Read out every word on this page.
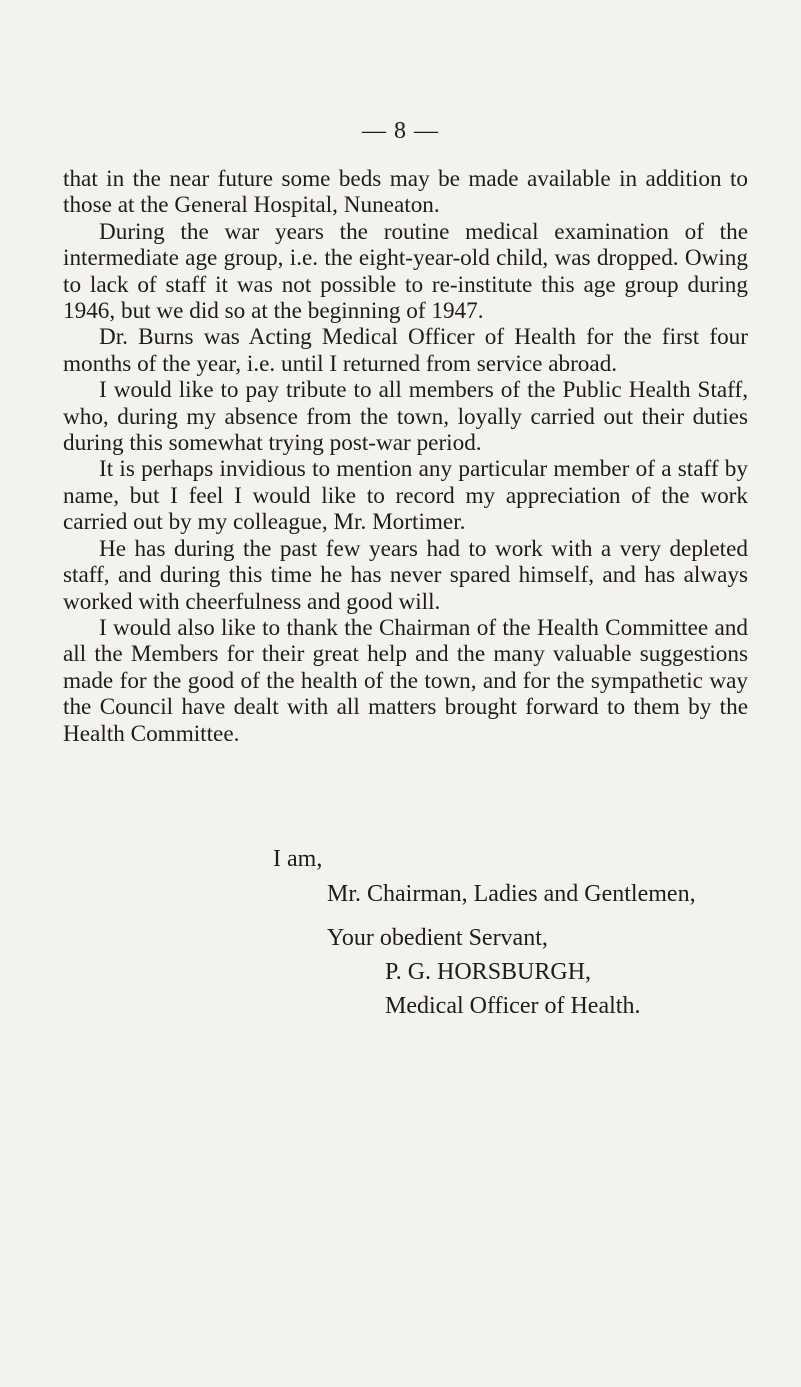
— 8 —

that in the near future some beds may be made available in addition to those at the General Hospital, Nuneaton.

During the war years the routine medical examination of the intermediate age group, i.e. the eight-year-old child, was dropped. Owing to lack of staff it was not possible to re-institute this age group during 1946, but we did so at the beginning of 1947.

Dr. Burns was Acting Medical Officer of Health for the first four months of the year, i.e. until I returned from service abroad.

I would like to pay tribute to all members of the Public Health Staff, who, during my absence from the town, loyally carried out their duties during this somewhat trying post-war period.

It is perhaps invidious to mention any particular member of a staff by name, but I feel I would like to record my appreciation of the work carried out by my colleague, Mr. Mortimer.

He has during the past few years had to work with a very depleted staff, and during this time he has never spared himself, and has always worked with cheerfulness and good will.

I would also like to thank the Chairman of the Health Committee and all the Members for their great help and the many valuable suggestions made for the good of the health of the town, and for the sympathetic way the Council have dealt with all matters brought forward to them by the Health Committee.

I am,
Mr. Chairman, Ladies and Gentlemen,
Your obedient Servant,
P. G. HORSBURGH,
Medical Officer of Health.
